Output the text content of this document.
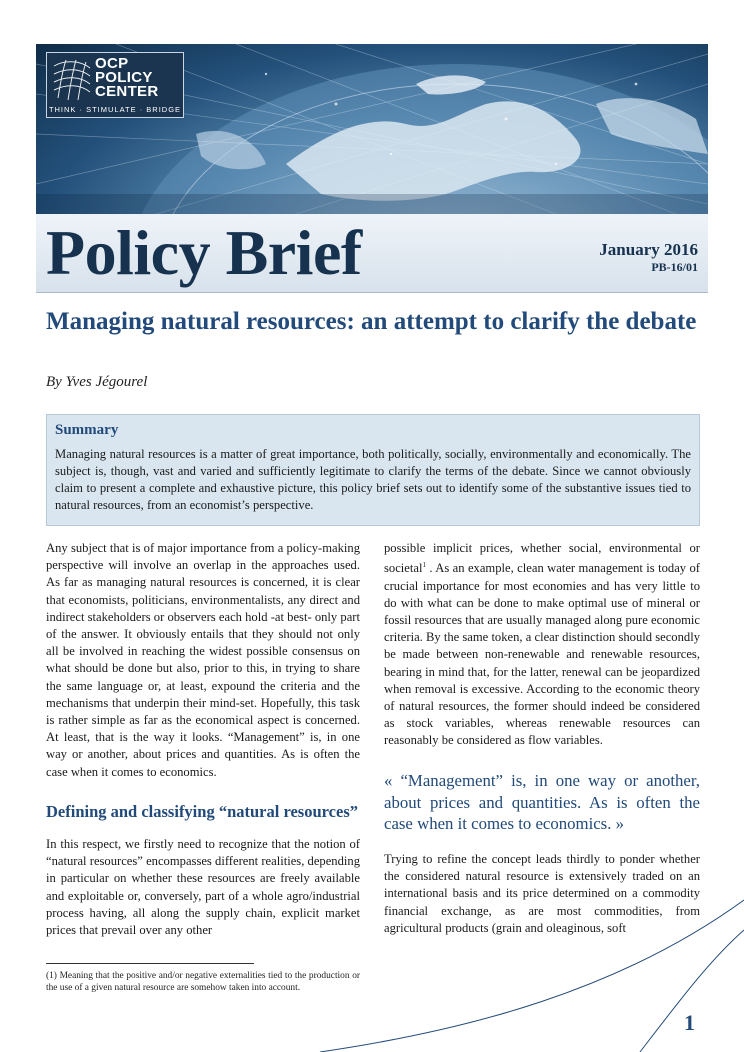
OCP
POLICY
CENTER
THINK · STIMULATE · BRIDGE
Policy Brief	January 2016
PB-16/01
Managing natural resources: an attempt to clarify the debate
By Yves Jégourel
Summary
Managing natural resources is a matter of great importance, both politically, socially, environmentally and economically. The subject is, though, vast and varied and sufficiently legitimate to clarify the terms of the debate. Since we cannot obviously claim to present a complete and exhaustive picture, this policy brief sets out to identify some of the substantive issues tied to natural resources, from an economist’s perspective.

Any subject that is of major importance from a policy-making perspective will involve an overlap in the approaches used. As far as managing natural resources is concerned, it is clear that economists, politicians, environmentalists, any direct and indirect stakeholders or observers each hold -at best- only part of the answer. It obviously entails that they should not only all be involved in reaching the widest possible consensus on what should be done but also, prior to this, in trying to share the same language or, at least, expound the criteria and the mechanisms that underpin their mind-set. Hopefully, this task is rather simple as far as the economical aspect is concerned. At least, that is the way it looks. “Management” is, in one way or another, about prices and quantities. As is often the case when it comes to economics.

Defining and classifying “natural resources”

In this respect, we firstly need to recognize that the notion of “natural resources” encompasses different realities, depending in particular on whether these resources are freely available and exploitable or, conversely, part of a whole agro/industrial process having, all along the supply chain, explicit market prices that prevail over any other

possible implicit prices, whether social, environmental or societal$^1$ . As an example, clean water management is today of crucial importance for most economies and has very little to do with what can be done to make optimal use of mineral or fossil resources that are usually managed along pure economic criteria. By the same token, a clear distinction should secondly be made between non-renewable and renewable resources, bearing in mind that, for the latter, renewal can be jeopardized when removal is excessive. According to the economic theory of natural resources, the former should indeed be considered as stock variables, whereas renewable resources can reasonably be considered as flow variables.

« “Management” is, in one way or another, about prices and quantities. As is often the case when it comes to economics. »

Trying to refine the concept leads thirdly to ponder whether the considered natural resource is extensively traded on an international basis and its price determined on a commodity financial exchange, as are most commodities, from agricultural products (grain and oleaginous, soft

(1) Meaning that the positive and/or negative externalities tied to the production or the use of a given natural resource are somehow taken into account.
1
